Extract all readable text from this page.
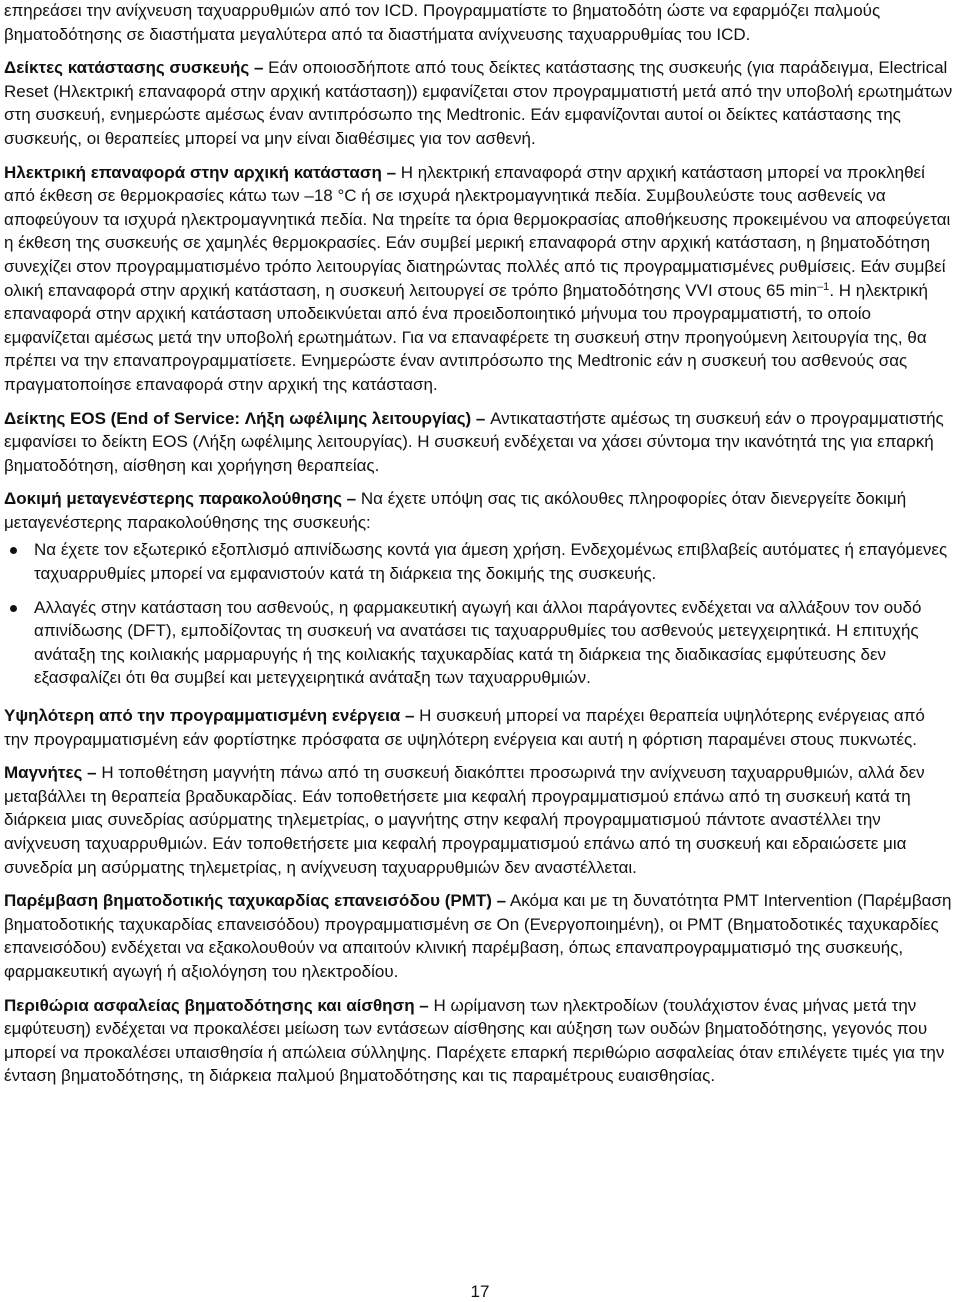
επηρεάσει την ανίχνευση ταχυαρρυθμιών από τον ICD. Προγραμματίστε το βηματοδότη ώστε να εφαρμόζει παλμούς βηματοδότησης σε διαστήματα μεγαλύτερα από τα διαστήματα ανίχνευσης ταχυαρρυθμίας του ICD.

Δείκτες κατάστασης συσκευής – Εάν οποιοσδήποτε από τους δείκτες κατάστασης της συσκευής (για παράδειγμα, Electrical Reset (Ηλεκτρική επαναφορά στην αρχική κατάσταση)) εμφανίζεται στον προγραμματιστή μετά από την υποβολή ερωτημάτων στη συσκευή, ενημερώστε αμέσως έναν αντιπρόσωπο της Medtronic. Εάν εμφανίζονται αυτοί οι δείκτες κατάστασης της συσκευής, οι θεραπείες μπορεί να μην είναι διαθέσιμες για τον ασθενή.

Ηλεκτρική επαναφορά στην αρχική κατάσταση – Η ηλεκτρική επαναφορά στην αρχική κατάσταση μπορεί να προκληθεί από έκθεση σε θερμοκρασίες κάτω των –18 °C ή σε ισχυρά ηλεκτρομαγνητικά πεδία. Συμβουλεύστε τους ασθενείς να αποφεύγουν τα ισχυρά ηλεκτρομαγνητικά πεδία. Να τηρείτε τα όρια θερμοκρασίας αποθήκευσης προκειμένου να αποφεύγεται η έκθεση της συσκευής σε χαμηλές θερμοκρασίες. Εάν συμβεί μερική επαναφορά στην αρχική κατάσταση, η βηματοδότηση συνεχίζει στον προγραμματισμένο τρόπο λειτουργίας διατηρώντας πολλές από τις προγραμματισμένες ρυθμίσεις. Εάν συμβεί ολική επαναφορά στην αρχική κατάσταση, η συσκευή λειτουργεί σε τρόπο βηματοδότησης VVI στους 65 $\min^{-1}$. Η ηλεκτρική επαναφορά στην αρχική κατάσταση υποδεικνύεται από ένα προειδοποιητικό μήνυμα του προγραμματιστή, το οποίο εμφανίζεται αμέσως μετά την υποβολή ερωτημάτων. Για να επαναφέρετε τη συσκευή στην προηγούμενη λειτουργία της, θα πρέπει να την επαναπρογραμματίσετε. Ενημερώστε έναν αντιπρόσωπο της Medtronic εάν η συσκευή του ασθενούς σας πραγματοποίησε επαναφορά στην αρχική της κατάσταση.

Δείκτης EOS (End of Service: Λήξη ωφέλιμης λειτουργίας) – Αντικαταστήστε αμέσως τη συσκευή εάν ο προγραμματιστής εμφανίσει το δείκτη EOS (Λήξη ωφέλιμης λειτουργίας). Η συσκευή ενδέχεται να χάσει σύντομα την ικανότητά της για επαρκή βηματοδότηση, αίσθηση και χορήγηση θεραπείας.

Δοκιμή μεταγενέστερης παρακολούθησης – Να έχετε υπόψη σας τις ακόλουθες πληροφορίες όταν διενεργείτε δοκιμή μεταγενέστερης παρακολούθησης της συσκευής:

Να έχετε τον εξωτερικό εξοπλισμό απινίδωσης κοντά για άμεση χρήση. Ενδεχομένως επιβλαβείς αυτόματες ή επαγόμενες ταχυαρρυθμίες μπορεί να εμφανιστούν κατά τη διάρκεια της δοκιμής της συσκευής.
Αλλαγές στην κατάσταση του ασθενούς, η φαρμακευτική αγωγή και άλλοι παράγοντες ενδέχεται να αλλάξουν τον ουδό απινίδωσης (DFT), εμποδίζοντας τη συσκευή να ανατάσει τις ταχυαρρυθμίες του ασθενούς μετεγχειρητικά. Η επιτυχής ανάταξη της κοιλιακής μαρμαρυγής ή της κοιλιακής ταχυκαρδίας κατά τη διάρκεια της διαδικασίας εμφύτευσης δεν εξασφαλίζει ότι θα συμβεί και μετεγχειρητικά ανάταξη των ταχυαρρυθμιών.

Υψηλότερη από την προγραμματισμένη ενέργεια – Η συσκευή μπορεί να παρέχει θεραπεία υψηλότερης ενέργειας από την προγραμματισμένη εάν φορτίστηκε πρόσφατα σε υψηλότερη ενέργεια και αυτή η φόρτιση παραμένει στους πυκνωτές.

Μαγνήτες – Η τοποθέτηση μαγνήτη πάνω από τη συσκευή διακόπτει προσωρινά την ανίχνευση ταχυαρρυθμιών, αλλά δεν μεταβάλλει τη θεραπεία βραδυκαρδίας. Εάν τοποθετήσετε μια κεφαλή προγραμματισμού επάνω από τη συσκευή κατά τη διάρκεια μιας συνεδρίας ασύρματης τηλεμετρίας, ο μαγνήτης στην κεφαλή προγραμματισμού πάντοτε αναστέλλει την ανίχνευση ταχυαρρυθμιών. Εάν τοποθετήσετε μια κεφαλή προγραμματισμού επάνω από τη συσκευή και εδραιώσετε μια συνεδρία μη ασύρματης τηλεμετρίας, η ανίχνευση ταχυαρρυθμιών δεν αναστέλλεται.

Παρέμβαση βηματοδοτικής ταχυκαρδίας επανεισόδου (PMT) – Ακόμα και με τη δυνατότητα PMT Intervention (Παρέμβαση βηματοδοτικής ταχυκαρδίας επανεισόδου) προγραμματισμένη σε On (Ενεργοποιημένη), οι PMT (Βηματοδοτικές ταχυκαρδίες επανεισόδου) ενδέχεται να εξακολουθούν να απαιτούν κλινική παρέμβαση, όπως επαναπρογραμματισμό της συσκευής, φαρμακευτική αγωγή ή αξιολόγηση του ηλεκτροδίου.

Περιθώρια ασφαλείας βηματοδότησης και αίσθηση – Η ωρίμανση των ηλεκτροδίων (τουλάχιστον ένας μήνας μετά την εμφύτευση) ενδέχεται να προκαλέσει μείωση των εντάσεων αίσθησης και αύξηση των ουδών βηματοδότησης, γεγονός που μπορεί να προκαλέσει υπαισθησία ή απώλεια σύλληψης. Παρέχετε επαρκή περιθώριο ασφαλείας όταν επιλέγετε τιμές για την ένταση βηματοδότησης, τη διάρκεια παλμού βηματοδότησης και τις παραμέτρους ευαισθησίας.

17
